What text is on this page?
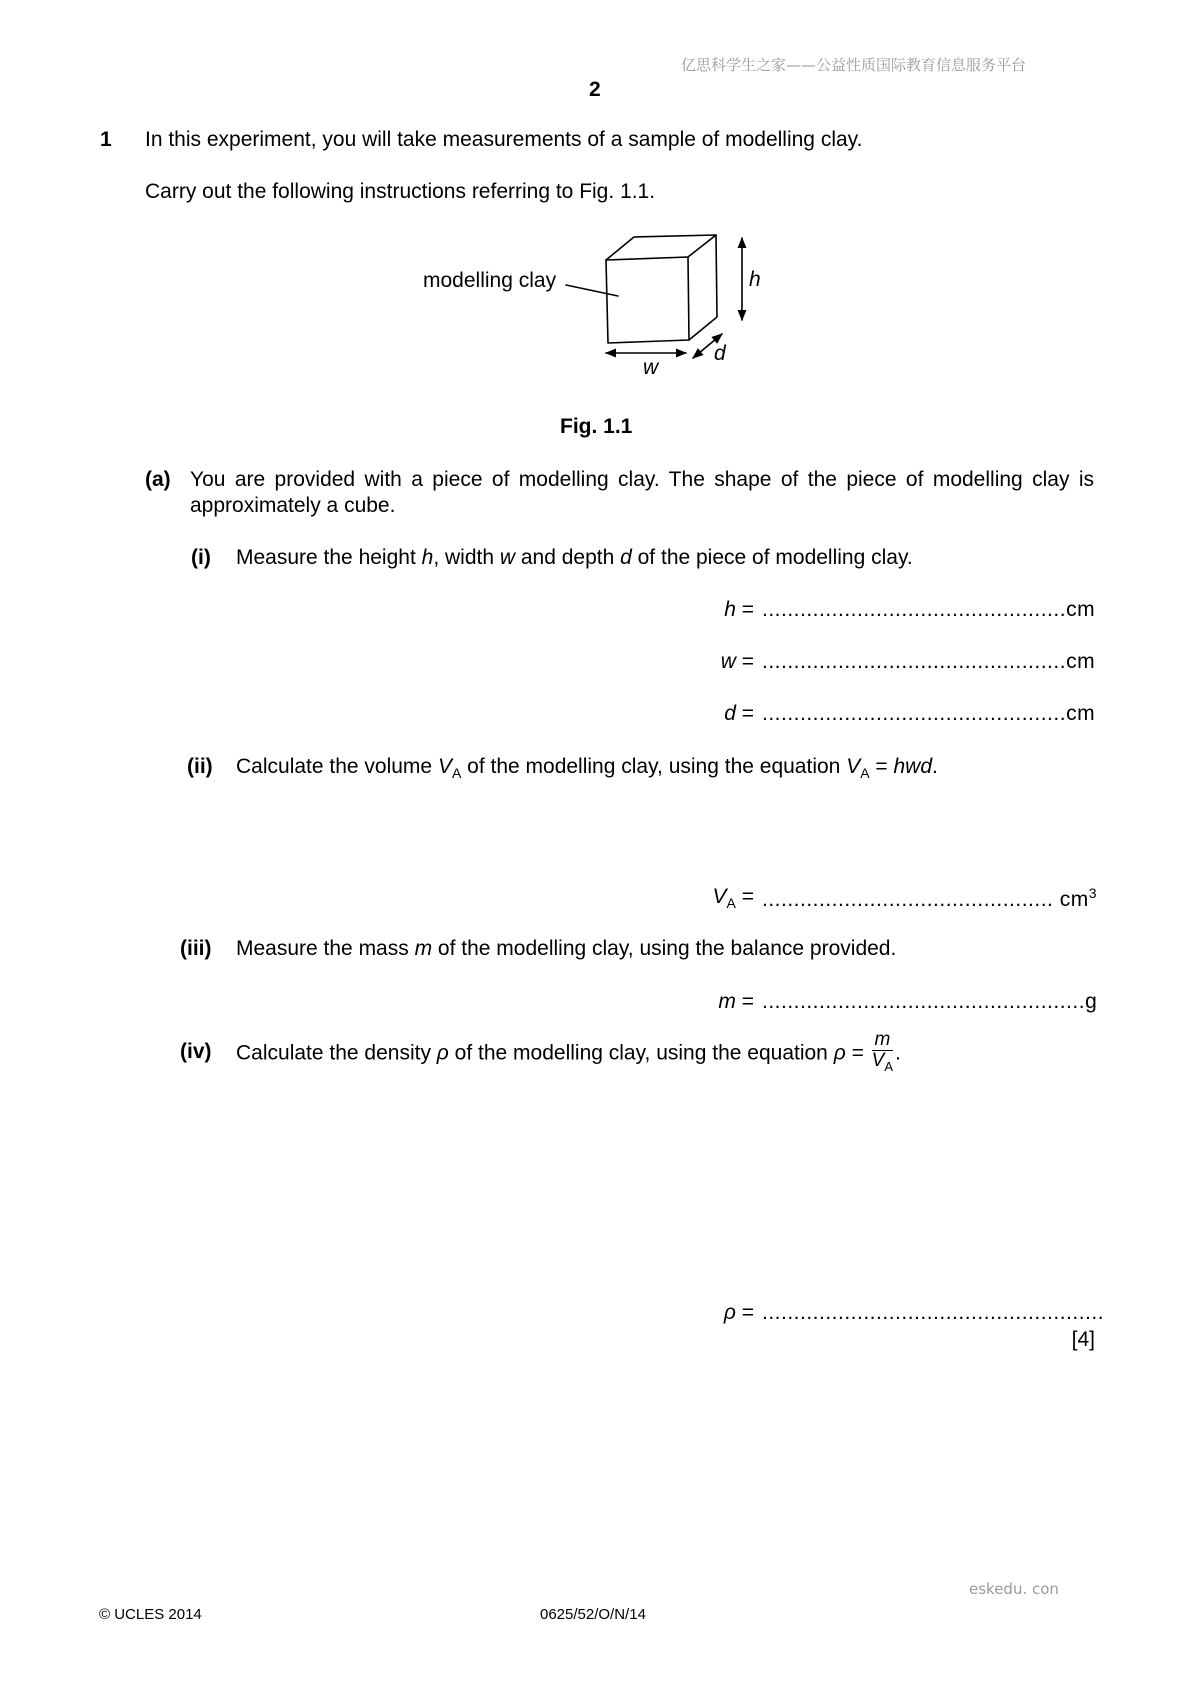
亿思科学生之家——公益性质国际教育信息服务平台
2
1 In this experiment, you will take measurements of a sample of modelling clay.
Carry out the following instructions referring to Fig. 1.1.
modelling clay	h
w
d
Fig. 1.1
(a) You are provided with a piece of modelling clay. The shape of the piece of modelling clay is
approximately a cube.
(i) Measure the height h, width w and depth d of the piece of modelling clay.
h = ................................................cm
w = ................................................cm
d = ................................................cm
(ii) Calculate the volume $V_A$ of the modelling clay, using the equation $V_A$ = hwd.
$V_A$ = .............................................. $cm^3$
(iii) Measure the mass m of the modelling clay, using the balance provided.
m = ...................................................g
(iv) Calculate the density ρ of the modelling clay, using the equation $\rho = \frac{m}{V_A}$ .
ρ = ......................................................
[4]
eskedu. con
© UCLES 2014	0625/52/O/N/14
